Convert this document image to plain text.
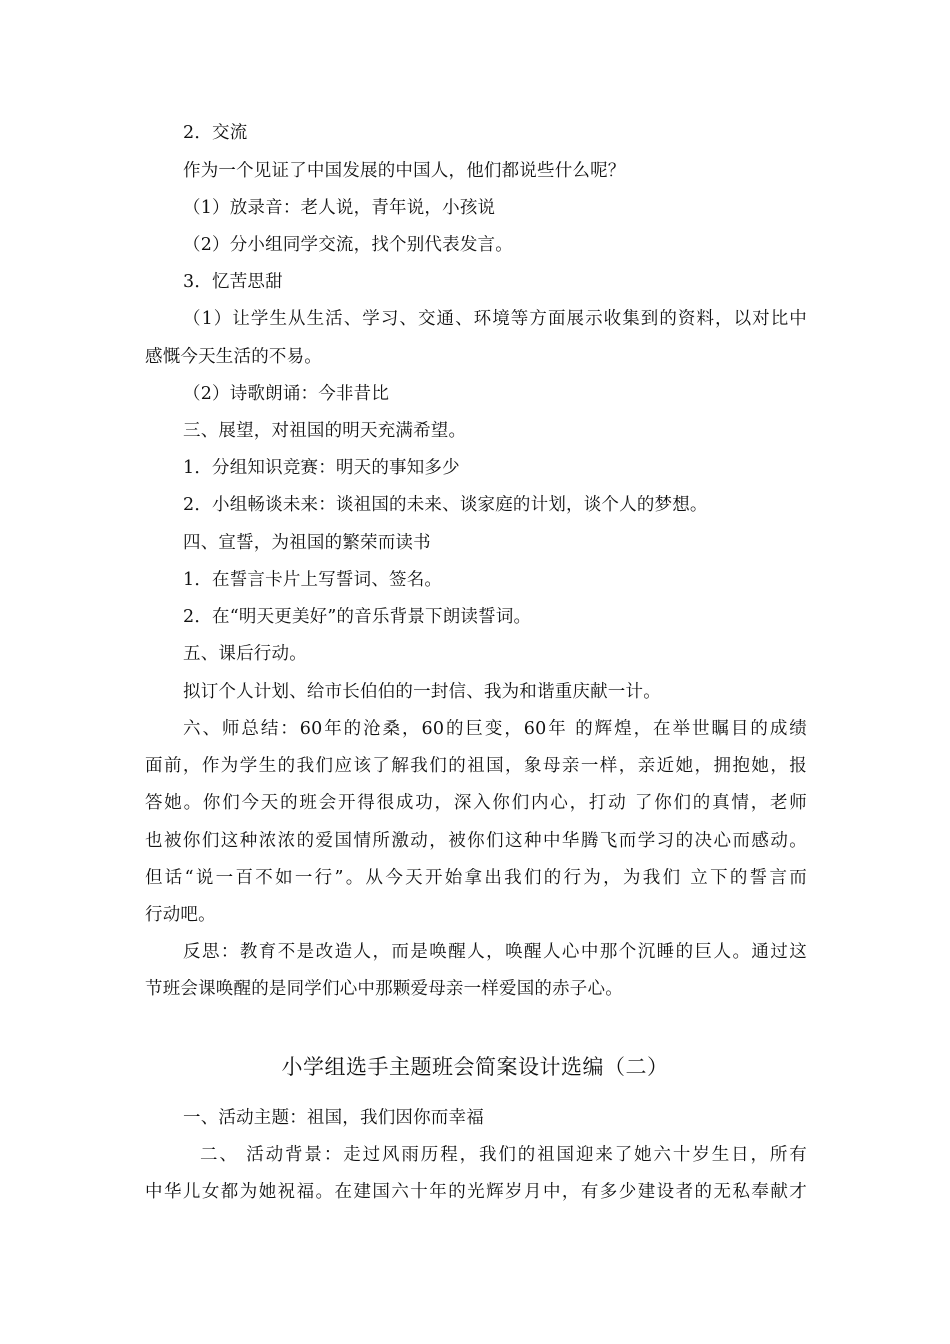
2．交流
作为一个见证了中国发展的中国人，他们都说些什么呢？
（1）放录音：老人说，青年说，小孩说
（2）分小组同学交流，找个别代表发言。
3．忆苦思甜
（1）让学生从生活、学习、交通、环境等方面展示收集到的资料，以对比中
感慨今天生活的不易。
（2）诗歌朗诵：今非昔比
三、展望，对祖国的明天充满希望。
1．分组知识竞赛：明天的事知多少
2．小组畅谈未来：谈祖国的未来、谈家庭的计划，谈个人的梦想。
四、宣誓，为祖国的繁荣而读书
1．在誓言卡片上写誓词、签名。
2．在“明天更美好”的音乐背景下朗读誓词。
五、课后行动。
拟订个人计划、给市长伯伯的一封信、我为和谐重庆献一计。
六、师总结：60年的沧桑，60的巨变，60年 的辉煌，在举世瞩目的成绩
面前，作为学生的我们应该了解我们的祖国，象母亲一样，亲近她，拥抱她，报
答她。你们今天的班会开得很成功，深入你们内心，打动 了你们的真情，老师
也被你们这种浓浓的爱国情所激动，被你们这种中华腾飞而学习的决心而感动。
但话“说一百不如一行”。从今天开始拿出我们的行为，为我们 立下的誓言而
行动吧。
反思：教育不是改造人，而是唤醒人，唤醒人心中那个沉睡的巨人。通过这
节班会课唤醒的是同学们心中那颗爱母亲一样爱国的赤子心。
小学组选手主题班会简案设计选编（二）
一、活动主题：祖国，我们因你而幸福
二、 活动背景：走过风雨历程，我们的祖国迎来了她六十岁生日，所有
中华儿女都为她祝福。在建国六十年的光辉岁月中，有多少建设者的无私奉献才
